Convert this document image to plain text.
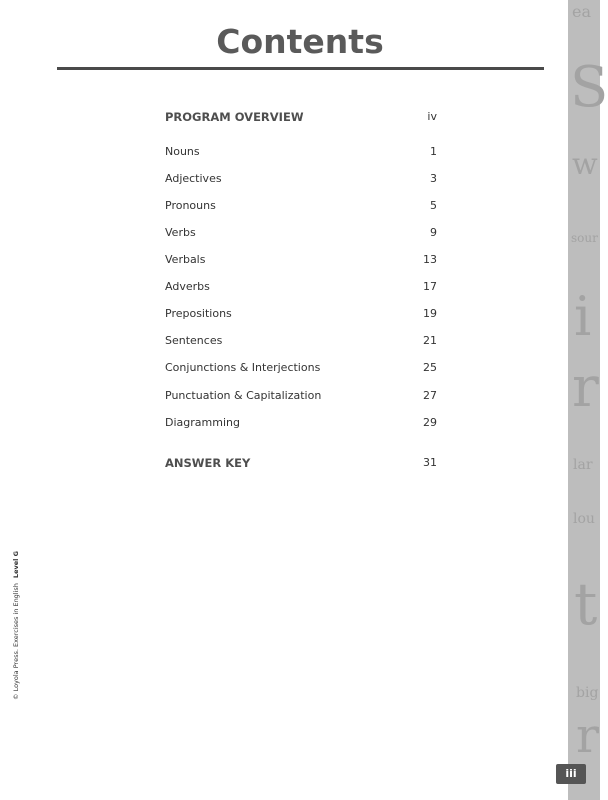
ea
S
w
sour
i
r
lar
lou
t
big
r
Contents
PROGRAM OVERVIEW	iv
Nouns	1
Adjectives	3
Pronouns	5
Verbs	9
Verbals	13
Adverbs	17
Prepositions	19
Sentences	21
Conjunctions & Interjections	25
Punctuation & Capitalization	27
Diagramming	29
ANSWER KEY	31
© Loyola Press. Exercises in EnglishLevel G
iii
